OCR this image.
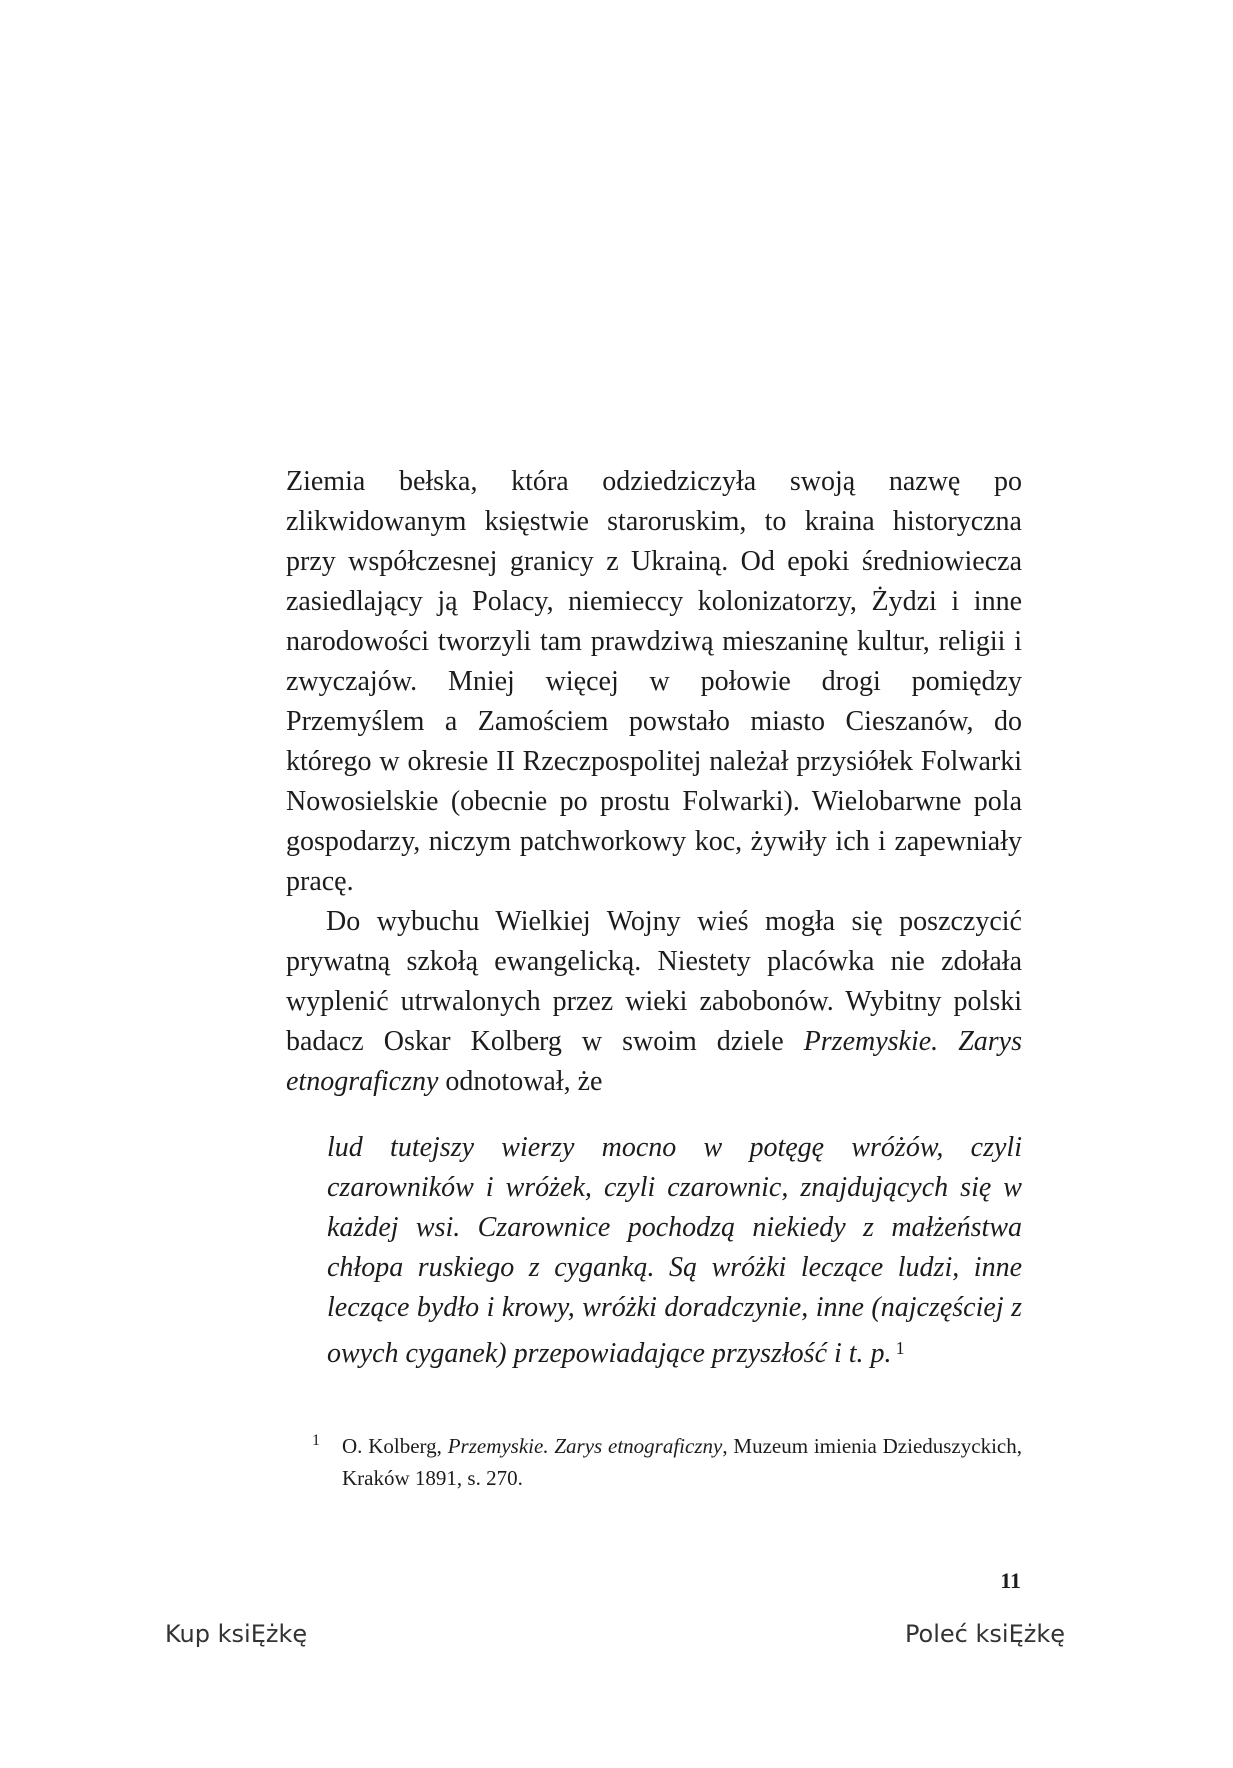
Ziemia bełska, która odziedziczyła swoją nazwę po zlikwidowanym księstwie staroruskim, to kraina historyczna przy współczesnej granicy z Ukrainą. Od epoki średniowiecza zasiedlający ją Polacy, niemieccy kolonizatorzy, Żydzi i inne narodowości tworzyli tam prawdziwą mieszaninę kultur, religii i zwyczajów. Mniej więcej w połowie drogi pomiędzy Przemyślem a Zamościem powstało miasto Cieszanów, do którego w okresie II Rzeczpospolitej należał przysiółek Folwarki Nowosielskie (obecnie po prostu Folwarki). Wielobarwne pola gospodarzy, niczym patchworkowy koc, żywiły ich i zapewniały pracę.

Do wybuchu Wielkiej Wojny wieś mogła się poszczycić prywatną szkołą ewangelicką. Niestety placówka nie zdołała wyplenić utrwalonych przez wieki zabobonów. Wybitny polski badacz Oskar Kolberg w swoim dziele Przemyskie. Zarys etnograficzny odnotował, że

lud tutejszy wierzy mocno w potęgę wróżów, czyli czarowników i wróżek, czyli czarownic, znajdujących się w każdej wsi. Czarownice pochodzą niekiedy z małżeństwa chłopa ruskiego z cyganką. Są wróżki leczące ludzi, inne leczące bydło i krowy, wróżki doradczynie, inne (najczęściej z owych cyganek) przepowiadające przyszłość i t. p. $^1$
1	O. Kolberg, Przemyskie. Zarys etnograficzny, Muzeum imienia Dzieduszyckich, Kraków 1891, s. 270.
11
Kup ksiĘżkę	Poleć ksiĘżkę
